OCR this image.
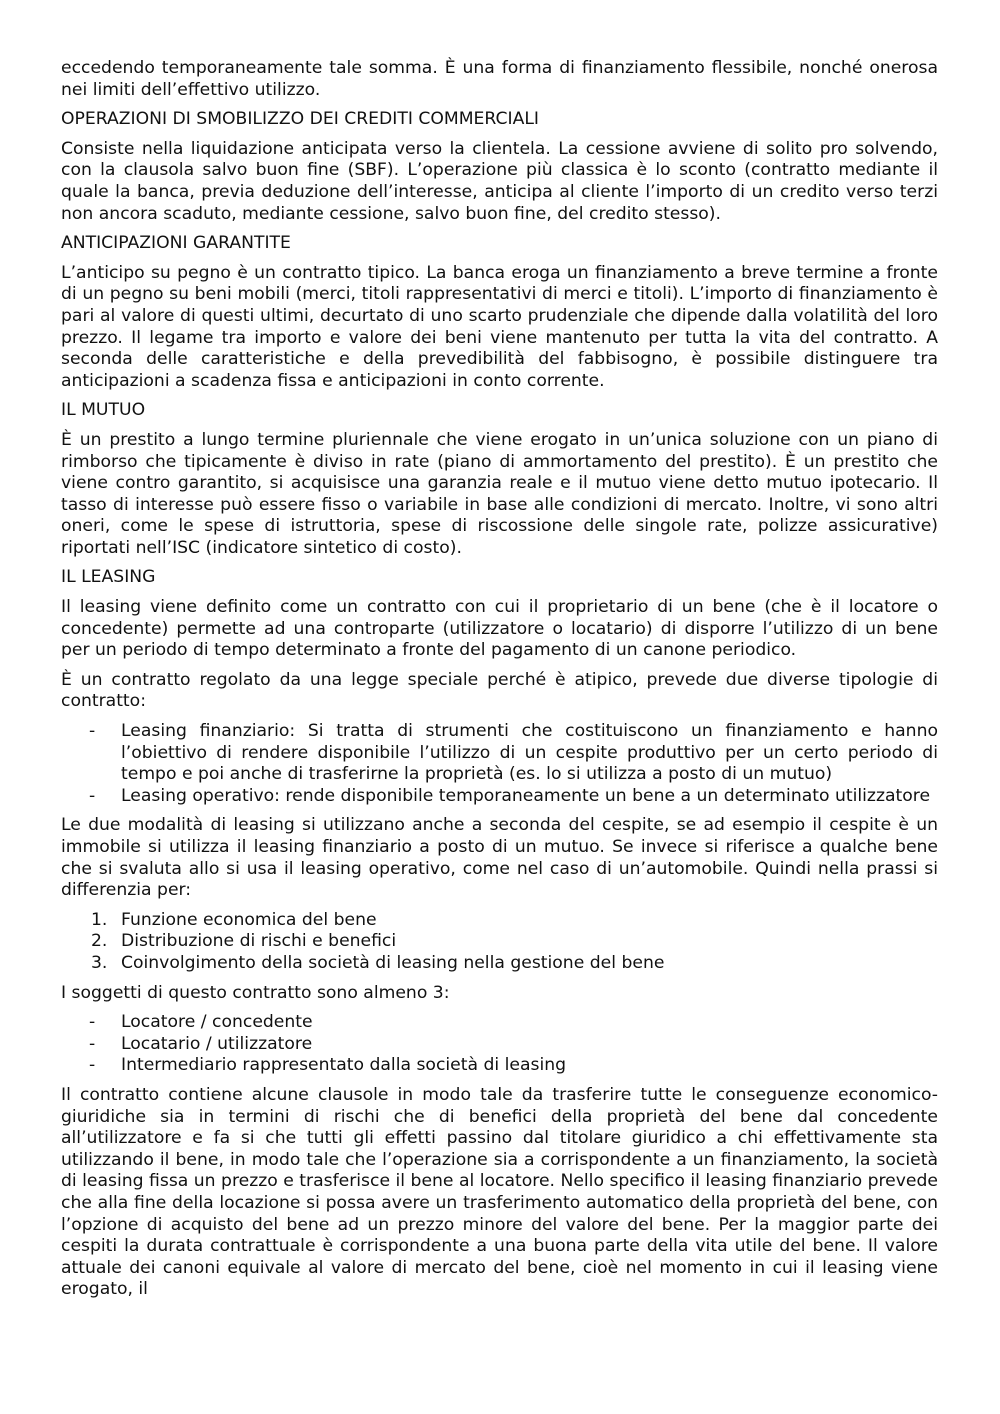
eccedendo temporaneamente tale somma. È una forma di finanziamento flessibile, nonché onerosa nei limiti dell’effettivo utilizzo.

OPERAZIONI DI SMOBILIZZO DEI CREDITI COMMERCIALI

Consiste nella liquidazione anticipata verso la clientela. La cessione avviene di solito pro solvendo, con la clausola salvo buon fine (SBF). L’operazione più classica è lo sconto (contratto mediante il quale la banca, previa deduzione dell’interesse, anticipa al cliente l’importo di un credito verso terzi non ancora scaduto, mediante cessione, salvo buon fine, del credito stesso).

ANTICIPAZIONI GARANTITE

L’anticipo su pegno è un contratto tipico. La banca eroga un finanziamento a breve termine a fronte di un pegno su beni mobili (merci, titoli rappresentativi di merci e titoli). L’importo di finanziamento è pari al valore di questi ultimi, decurtato di uno scarto prudenziale che dipende dalla volatilità del loro prezzo. Il legame tra importo e valore dei beni viene mantenuto per tutta la vita del contratto. A seconda delle caratteristiche e della prevedibilità del fabbisogno, è possibile distinguere tra anticipazioni a scadenza fissa e anticipazioni in conto corrente.

IL MUTUO

È un prestito a lungo termine pluriennale che viene erogato in un’unica soluzione con un piano di rimborso che tipicamente è diviso in rate (piano di ammortamento del prestito). È un prestito che viene contro garantito, si acquisisce una garanzia reale e il mutuo viene detto mutuo ipotecario. Il tasso di interesse può essere fisso o variabile in base alle condizioni di mercato. Inoltre, vi sono altri oneri, come le spese di istruttoria, spese di riscossione delle singole rate, polizze assicurative) riportati nell’ISC (indicatore sintetico di costo).

IL LEASING

Il leasing viene definito come un contratto con cui il proprietario di un bene (che è il locatore o concedente) permette ad una controparte (utilizzatore o locatario) di disporre l’utilizzo di un bene per un periodo di tempo determinato a fronte del pagamento di un canone periodico.

È un contratto regolato da una legge speciale perché è atipico, prevede due diverse tipologie di contratto:

- Leasing finanziario: Si tratta di strumenti che costituiscono un finanziamento e hanno l’obiettivo di rendere disponibile l’utilizzo di un cespite produttivo per un certo periodo di tempo e poi anche di trasferirne la proprietà (es. lo si utilizza a posto di un mutuo)
- Leasing operativo: rende disponibile temporaneamente un bene a un determinato utilizzatore

Le due modalità di leasing si utilizzano anche a seconda del cespite, se ad esempio il cespite è un immobile si utilizza il leasing finanziario a posto di un mutuo. Se invece si riferisce a qualche bene che si svaluta allo si usa il leasing operativo, come nel caso di un’automobile. Quindi nella prassi si differenzia per:

1. Funzione economica del bene
2. Distribuzione di rischi e benefici
3. Coinvolgimento della società di leasing nella gestione del bene

I soggetti di questo contratto sono almeno 3:

- Locatore / concedente
- Locatario / utilizzatore
- Intermediario rappresentato dalla società di leasing

Il contratto contiene alcune clausole in modo tale da trasferire tutte le conseguenze economico-giuridiche sia in termini di rischi che di benefici della proprietà del bene dal concedente all’utilizzatore e fa si che tutti gli effetti passino dal titolare giuridico a chi effettivamente sta utilizzando il bene, in modo tale che l’operazione sia a corrispondente a un finanziamento, la società di leasing fissa un prezzo e trasferisce il bene al locatore. Nello specifico il leasing finanziario prevede che alla fine della locazione si possa avere un trasferimento automatico della proprietà del bene, con l’opzione di acquisto del bene ad un prezzo minore del valore del bene. Per la maggior parte dei cespiti la durata contrattuale è corrispondente a una buona parte della vita utile del bene. Il valore attuale dei canoni equivale al valore di mercato del bene, cioè nel momento in cui il leasing viene erogato, il
